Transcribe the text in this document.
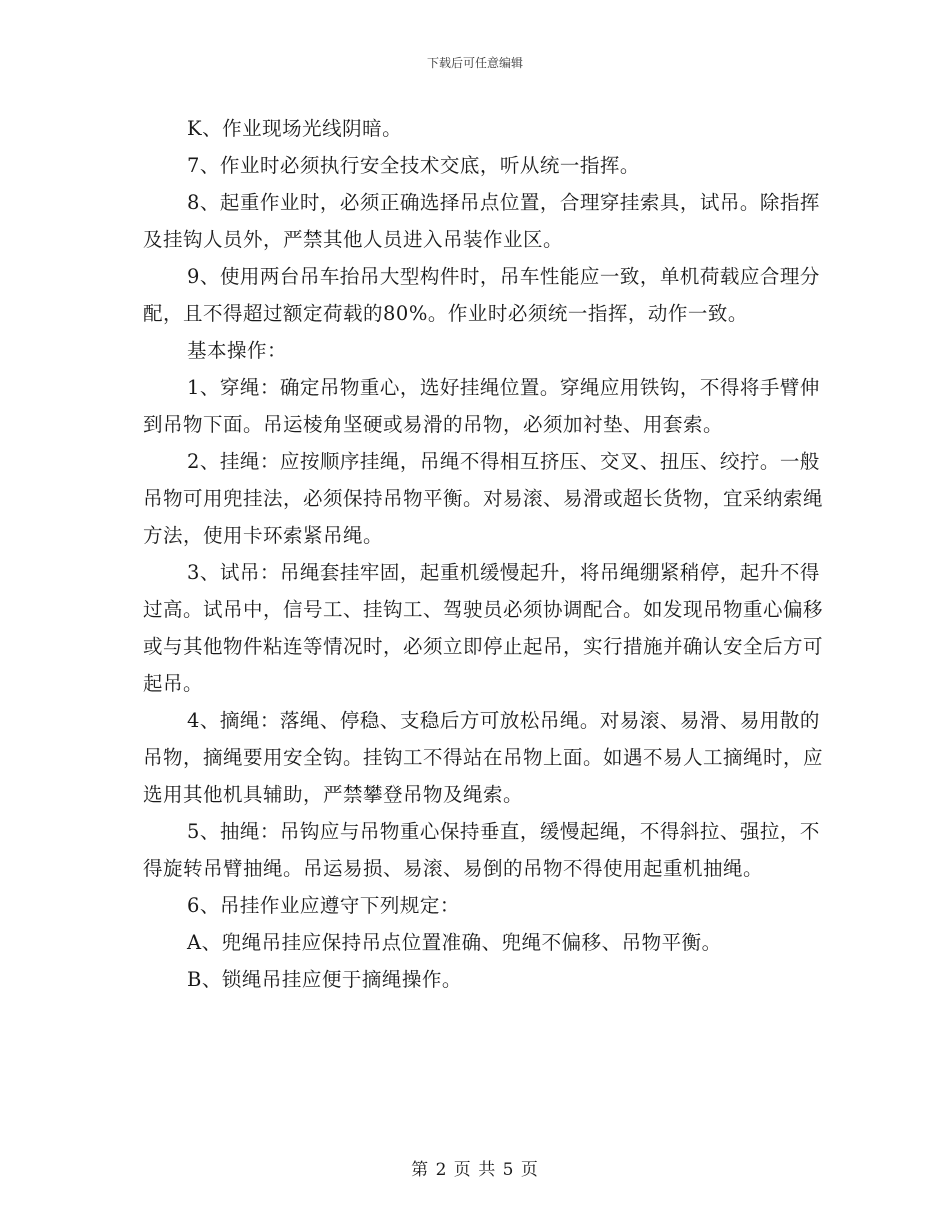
下载后可任意编辑

K、作业现场光线阴暗。

7、作业时必须执行安全技术交底，听从统一指挥。

8、起重作业时，必须正确选择吊点位置，合理穿挂索具，试吊。除指挥及挂钩人员外，严禁其他人员进入吊装作业区。

9、使用两台吊车抬吊大型构件时，吊车性能应一致，单机荷载应合理分配，且不得超过额定荷载的80%。作业时必须统一指挥，动作一致。

基本操作：

1、穿绳：确定吊物重心，选好挂绳位置。穿绳应用铁钩，不得将手臂伸到吊物下面。吊运棱角坚硬或易滑的吊物，必须加衬垫、用套索。

2、挂绳：应按顺序挂绳，吊绳不得相互挤压、交叉、扭压、绞拧。一般吊物可用兜挂法，必须保持吊物平衡。对易滚、易滑或超长货物，宜采纳索绳方法，使用卡环索紧吊绳。

3、试吊：吊绳套挂牢固，起重机缓慢起升，将吊绳绷紧稍停，起升不得过高。试吊中，信号工、挂钩工、驾驶员必须协调配合。如发现吊物重心偏移或与其他物件粘连等情况时，必须立即停止起吊，实行措施并确认安全后方可起吊。

4、摘绳：落绳、停稳、支稳后方可放松吊绳。对易滚、易滑、易用散的吊物，摘绳要用安全钩。挂钩工不得站在吊物上面。如遇不易人工摘绳时，应选用其他机具辅助，严禁攀登吊物及绳索。

5、抽绳：吊钩应与吊物重心保持垂直，缓慢起绳，不得斜拉、强拉，不得旋转吊臂抽绳。吊运易损、易滚、易倒的吊物不得使用起重机抽绳。

6、吊挂作业应遵守下列规定：

A、兜绳吊挂应保持吊点位置准确、兜绳不偏移、吊物平衡。

B、锁绳吊挂应便于摘绳操作。

第 2 页 共 5 页
